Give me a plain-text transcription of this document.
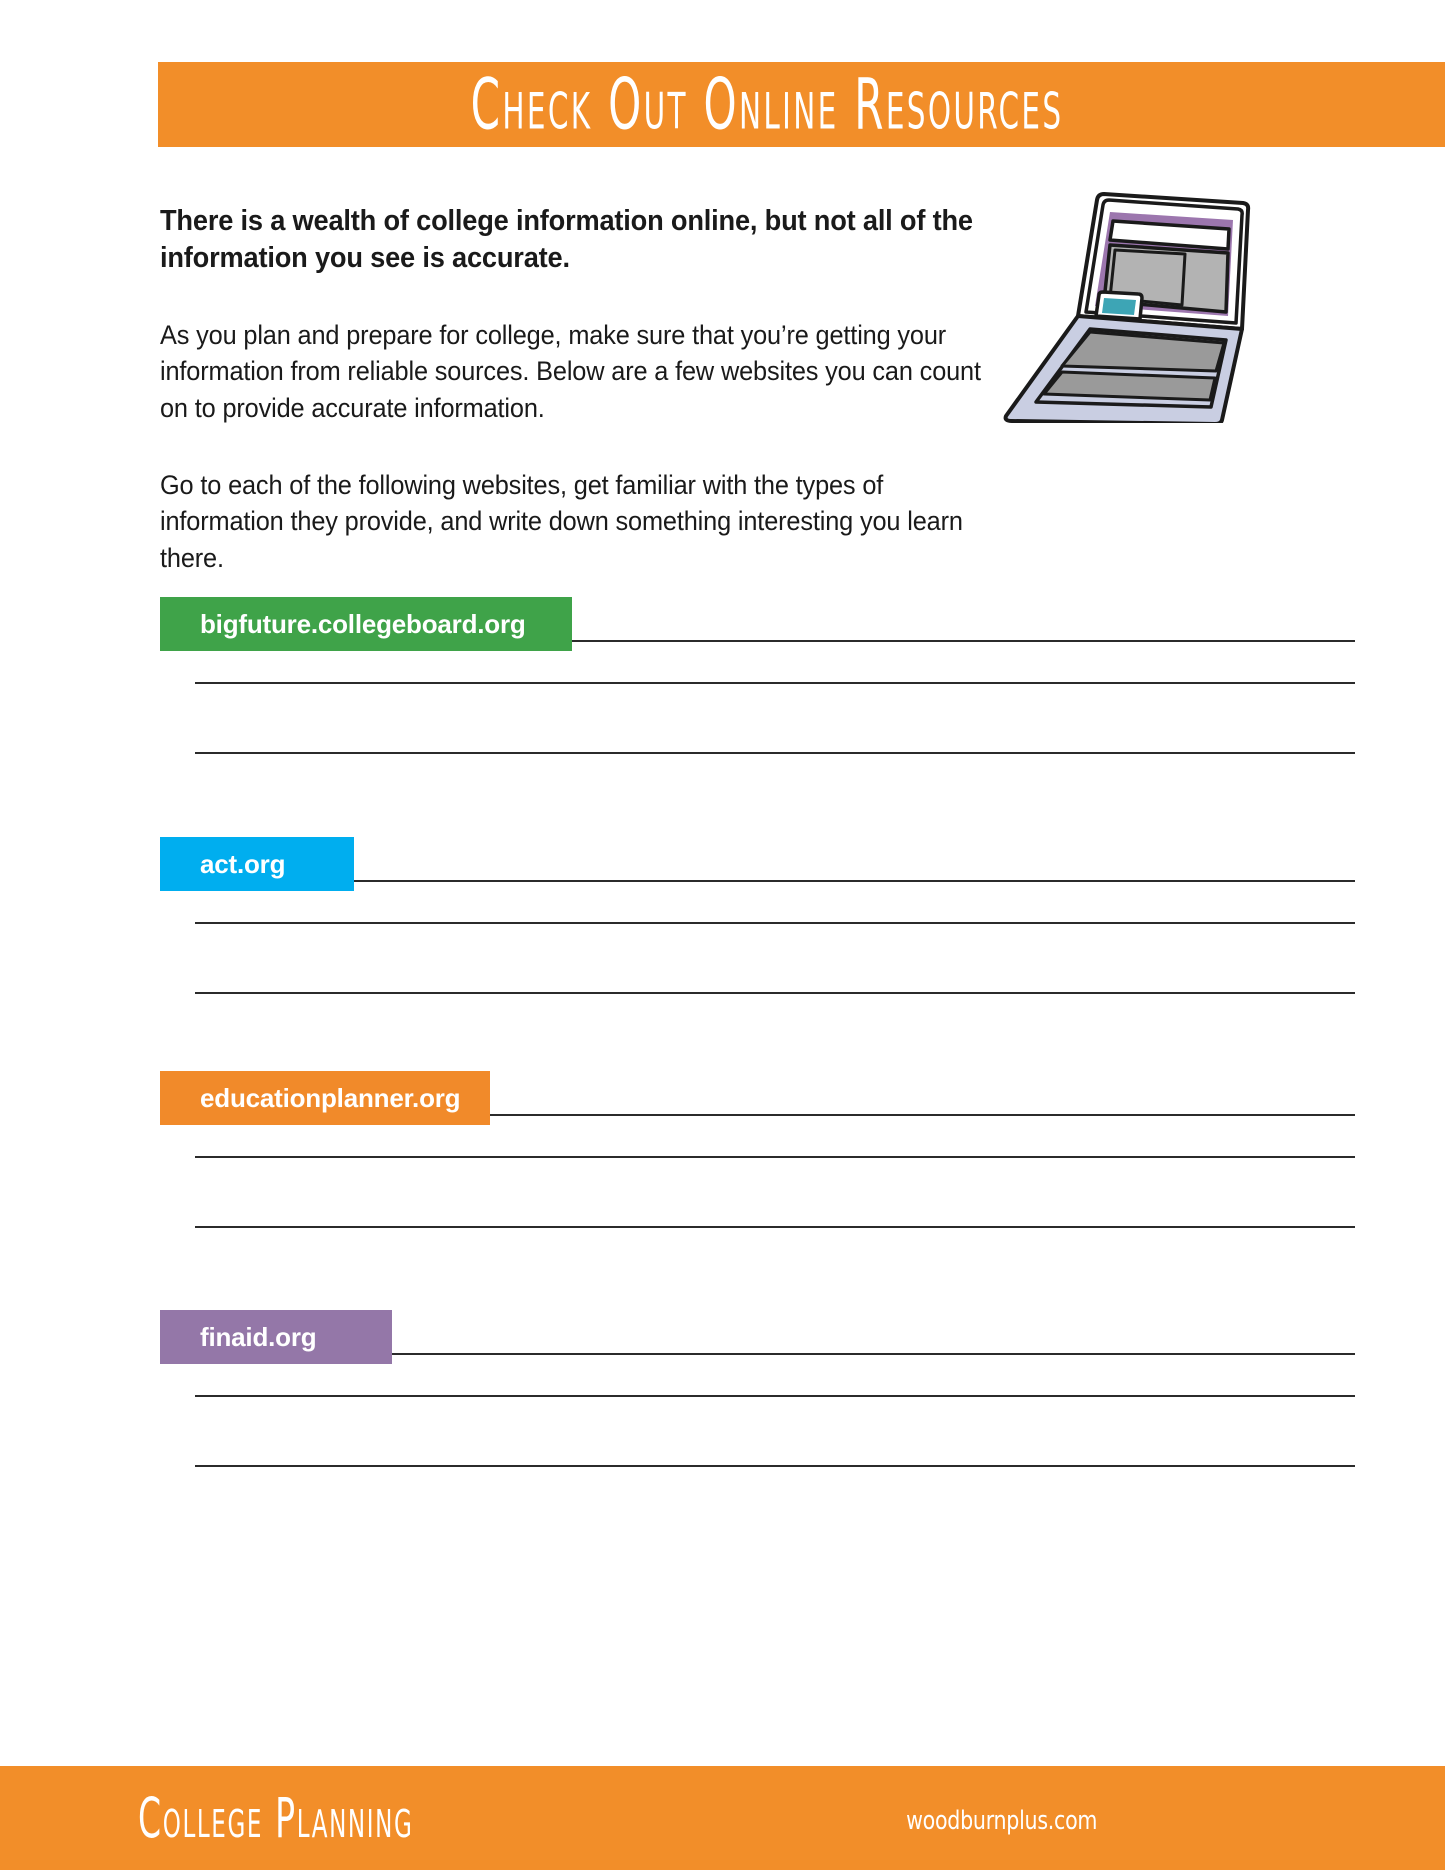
Check Out Online Resources

There is a wealth of college information online, but not all of the information you see is accurate.

As you plan and prepare for college, make sure that you’re getting your information from reliable sources. Below are a few websites you can count on to provide accurate information.

Go to each of the following websites, get familiar with the types of information they provide, and write down something interesting you learn there.

bigfuture.collegeboard.org
act.org
educationplanner.org
finaid.org
College Planning	woodburnplus.com
